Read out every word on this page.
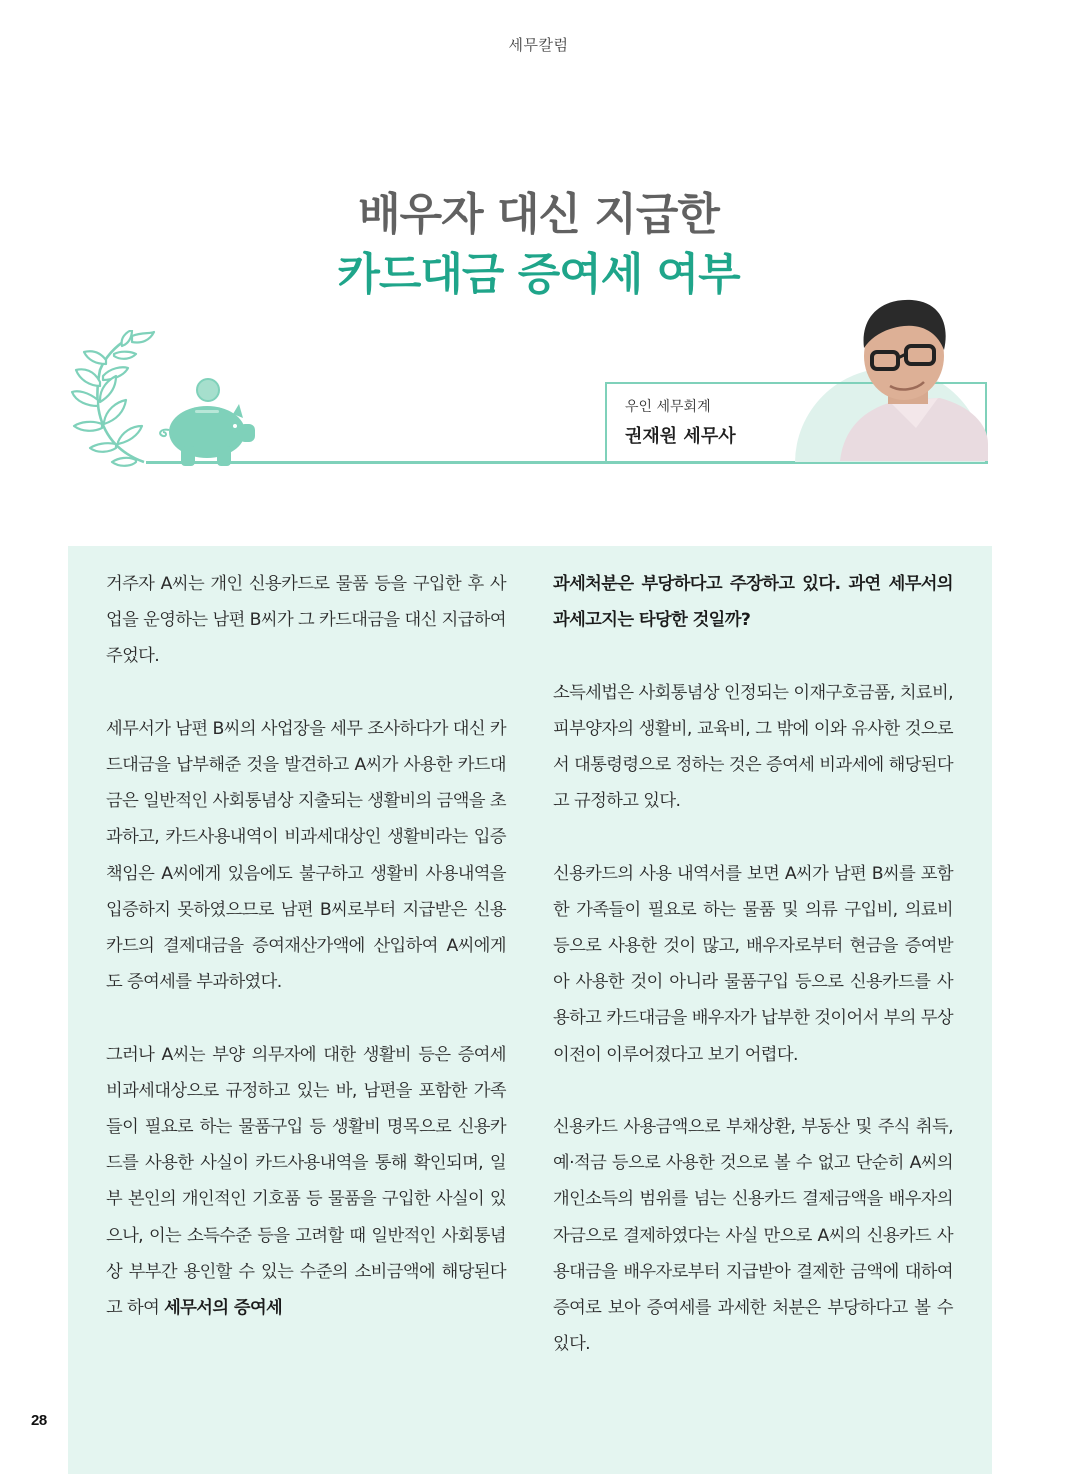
세무칼럼
배우자 대신 지급한
카드대금 증여세 여부
우인 세무회계
권재원 세무사

거주자 A씨는 개인 신용카드로 물품 등을 구입한 후 사업을 운영하는 남편 B씨가 그 카드대금을 대신 지급하여 주었다.

세무서가 남편 B씨의 사업장을 세무 조사하다가 대신 카드대금을 납부해준 것을 발견하고 A씨가 사용한 카드대금은 일반적인 사회통념상 지출되는 생활비의 금액을 초과하고, 카드사용내역이 비과세대상인 생활비라는 입증책임은 A씨에게 있음에도 불구하고 생활비 사용내역을 입증하지 못하였으므로 남편 B씨로부터 지급받은 신용카드의 결제대금을 증여재산가액에 산입하여 A씨에게도 증여세를 부과하였다.

그러나 A씨는 부양 의무자에 대한 생활비 등은 증여세 비과세대상으로 규정하고 있는 바, 남편을 포함한 가족들이 필요로 하는 물품구입 등 생활비 명목으로 신용카드를 사용한 사실이 카드사용내역을 통해 확인되며, 일부 본인의 개인적인 기호품 등 물품을 구입한 사실이 있으나, 이는 소득수준 등을 고려할 때 일반적인 사회통념상 부부간 용인할 수 있는 수준의 소비금액에 해당된다고 하여 세무서의 증여세

과세처분은 부당하다고 주장하고 있다. 과연 세무서의 과세고지는 타당한 것일까?

소득세법은 사회통념상 인정되는 이재구호금품, 치료비, 피부양자의 생활비, 교육비, 그 밖에 이와 유사한 것으로서 대통령령으로 정하는 것은 증여세 비과세에 해당된다고 규정하고 있다.

신용카드의 사용 내역서를 보면 A씨가 남편 B씨를 포함한 가족들이 필요로 하는 물품 및 의류 구입비, 의료비 등으로 사용한 것이 많고, 배우자로부터 현금을 증여받아 사용한 것이 아니라 물품구입 등으로 신용카드를 사용하고 카드대금을 배우자가 납부한 것이어서 부의 무상이전이 이루어졌다고 보기 어렵다.

신용카드 사용금액으로 부채상환, 부동산 및 주식 취득, 예·적금 등으로 사용한 것으로 볼 수 없고 단순히 A씨의 개인소득의 범위를 넘는 신용카드 결제금액을 배우자의 자금으로 결제하였다는 사실 만으로 A씨의 신용카드 사용대금을 배우자로부터 지급받아 결제한 금액에 대하여 증여로 보아 증여세를 과세한 처분은 부당하다고 볼 수 있다.

28
